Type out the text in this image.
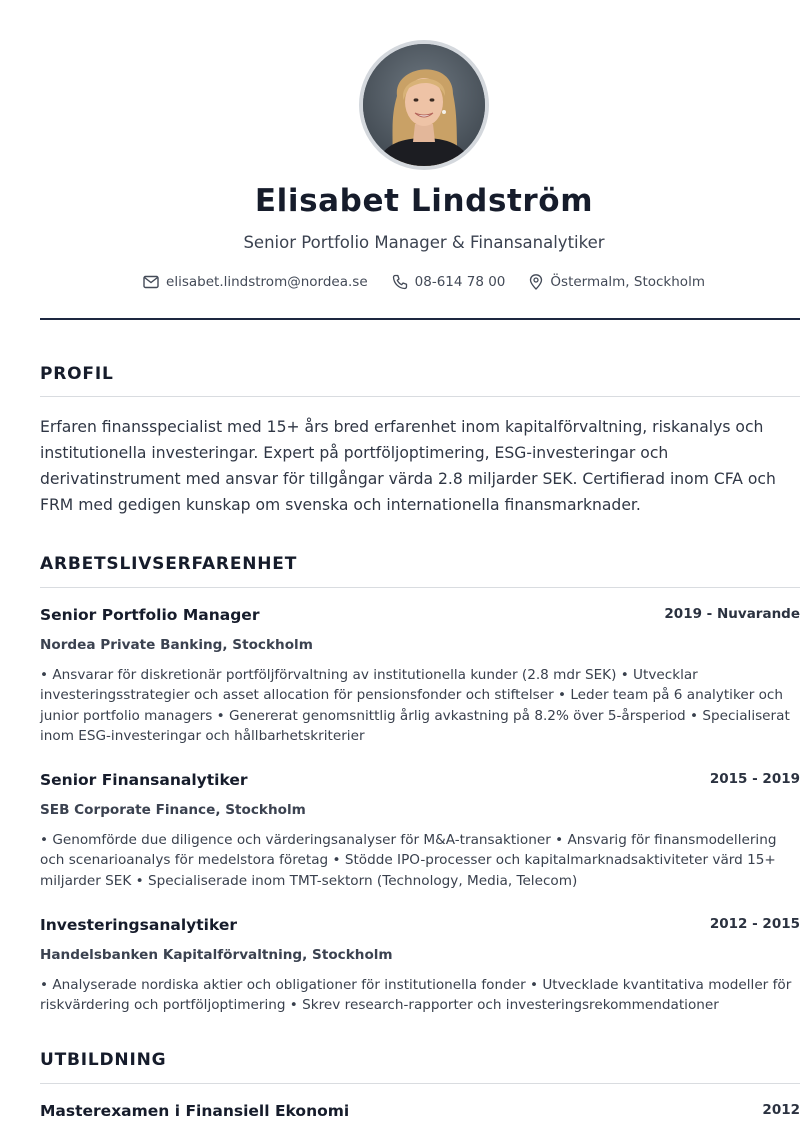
Elisabet Lindström
Senior Portfolio Manager & Finansanalytiker
elisabet.lindstrom@nordea.se	08-614 78 00	Östermalm, Stockholm
PROFIL
Erfaren finansspecialist med 15+ års bred erfarenhet inom kapitalförvaltning, riskanalys och institutionella investeringar. Expert på portföljoptimering, ESG-investeringar och derivatinstrument med ansvar för tillgångar värda 2.8 miljarder SEK. Certifierad inom CFA och FRM med gedigen kunskap om svenska och internationella finansmarknader.
ARBETSLIVSERFARENHET
Senior Portfolio Manager	2019 - Nuvarande
Nordea Private Banking, Stockholm
• Ansvarar för diskretionär portföljförvaltning av institutionella kunder (2.8 mdr SEK) • Utvecklar investeringsstrategier och asset allocation för pensionsfonder och stiftelser • Leder team på 6 analytiker och junior portfolio managers • Genererat genomsnittlig årlig avkastning på 8.2% över 5-årsperiod • Specialiserat inom ESG-investeringar och hållbarhetskriterier
Senior Finansanalytiker	2015 - 2019
SEB Corporate Finance, Stockholm
• Genomförde due diligence och värderingsanalyser för M&A-transaktioner • Ansvarig för finansmodellering och scenarioanalys för medelstora företag • Stödde IPO-processer och kapitalmarknadsaktiviteter värd 15+ miljarder SEK • Specialiserade inom TMT-sektorn (Technology, Media, Telecom)
Investeringsanalytiker	2012 - 2015
Handelsbanken Kapitalförvaltning, Stockholm
• Analyserade nordiska aktier och obligationer för institutionella fonder • Utvecklade kvantitativa modeller för riskvärdering och portföljoptimering • Skrev research-rapporter och investeringsrekommendationer
UTBILDNING
Masterexamen i Finansiell Ekonomi	2012
